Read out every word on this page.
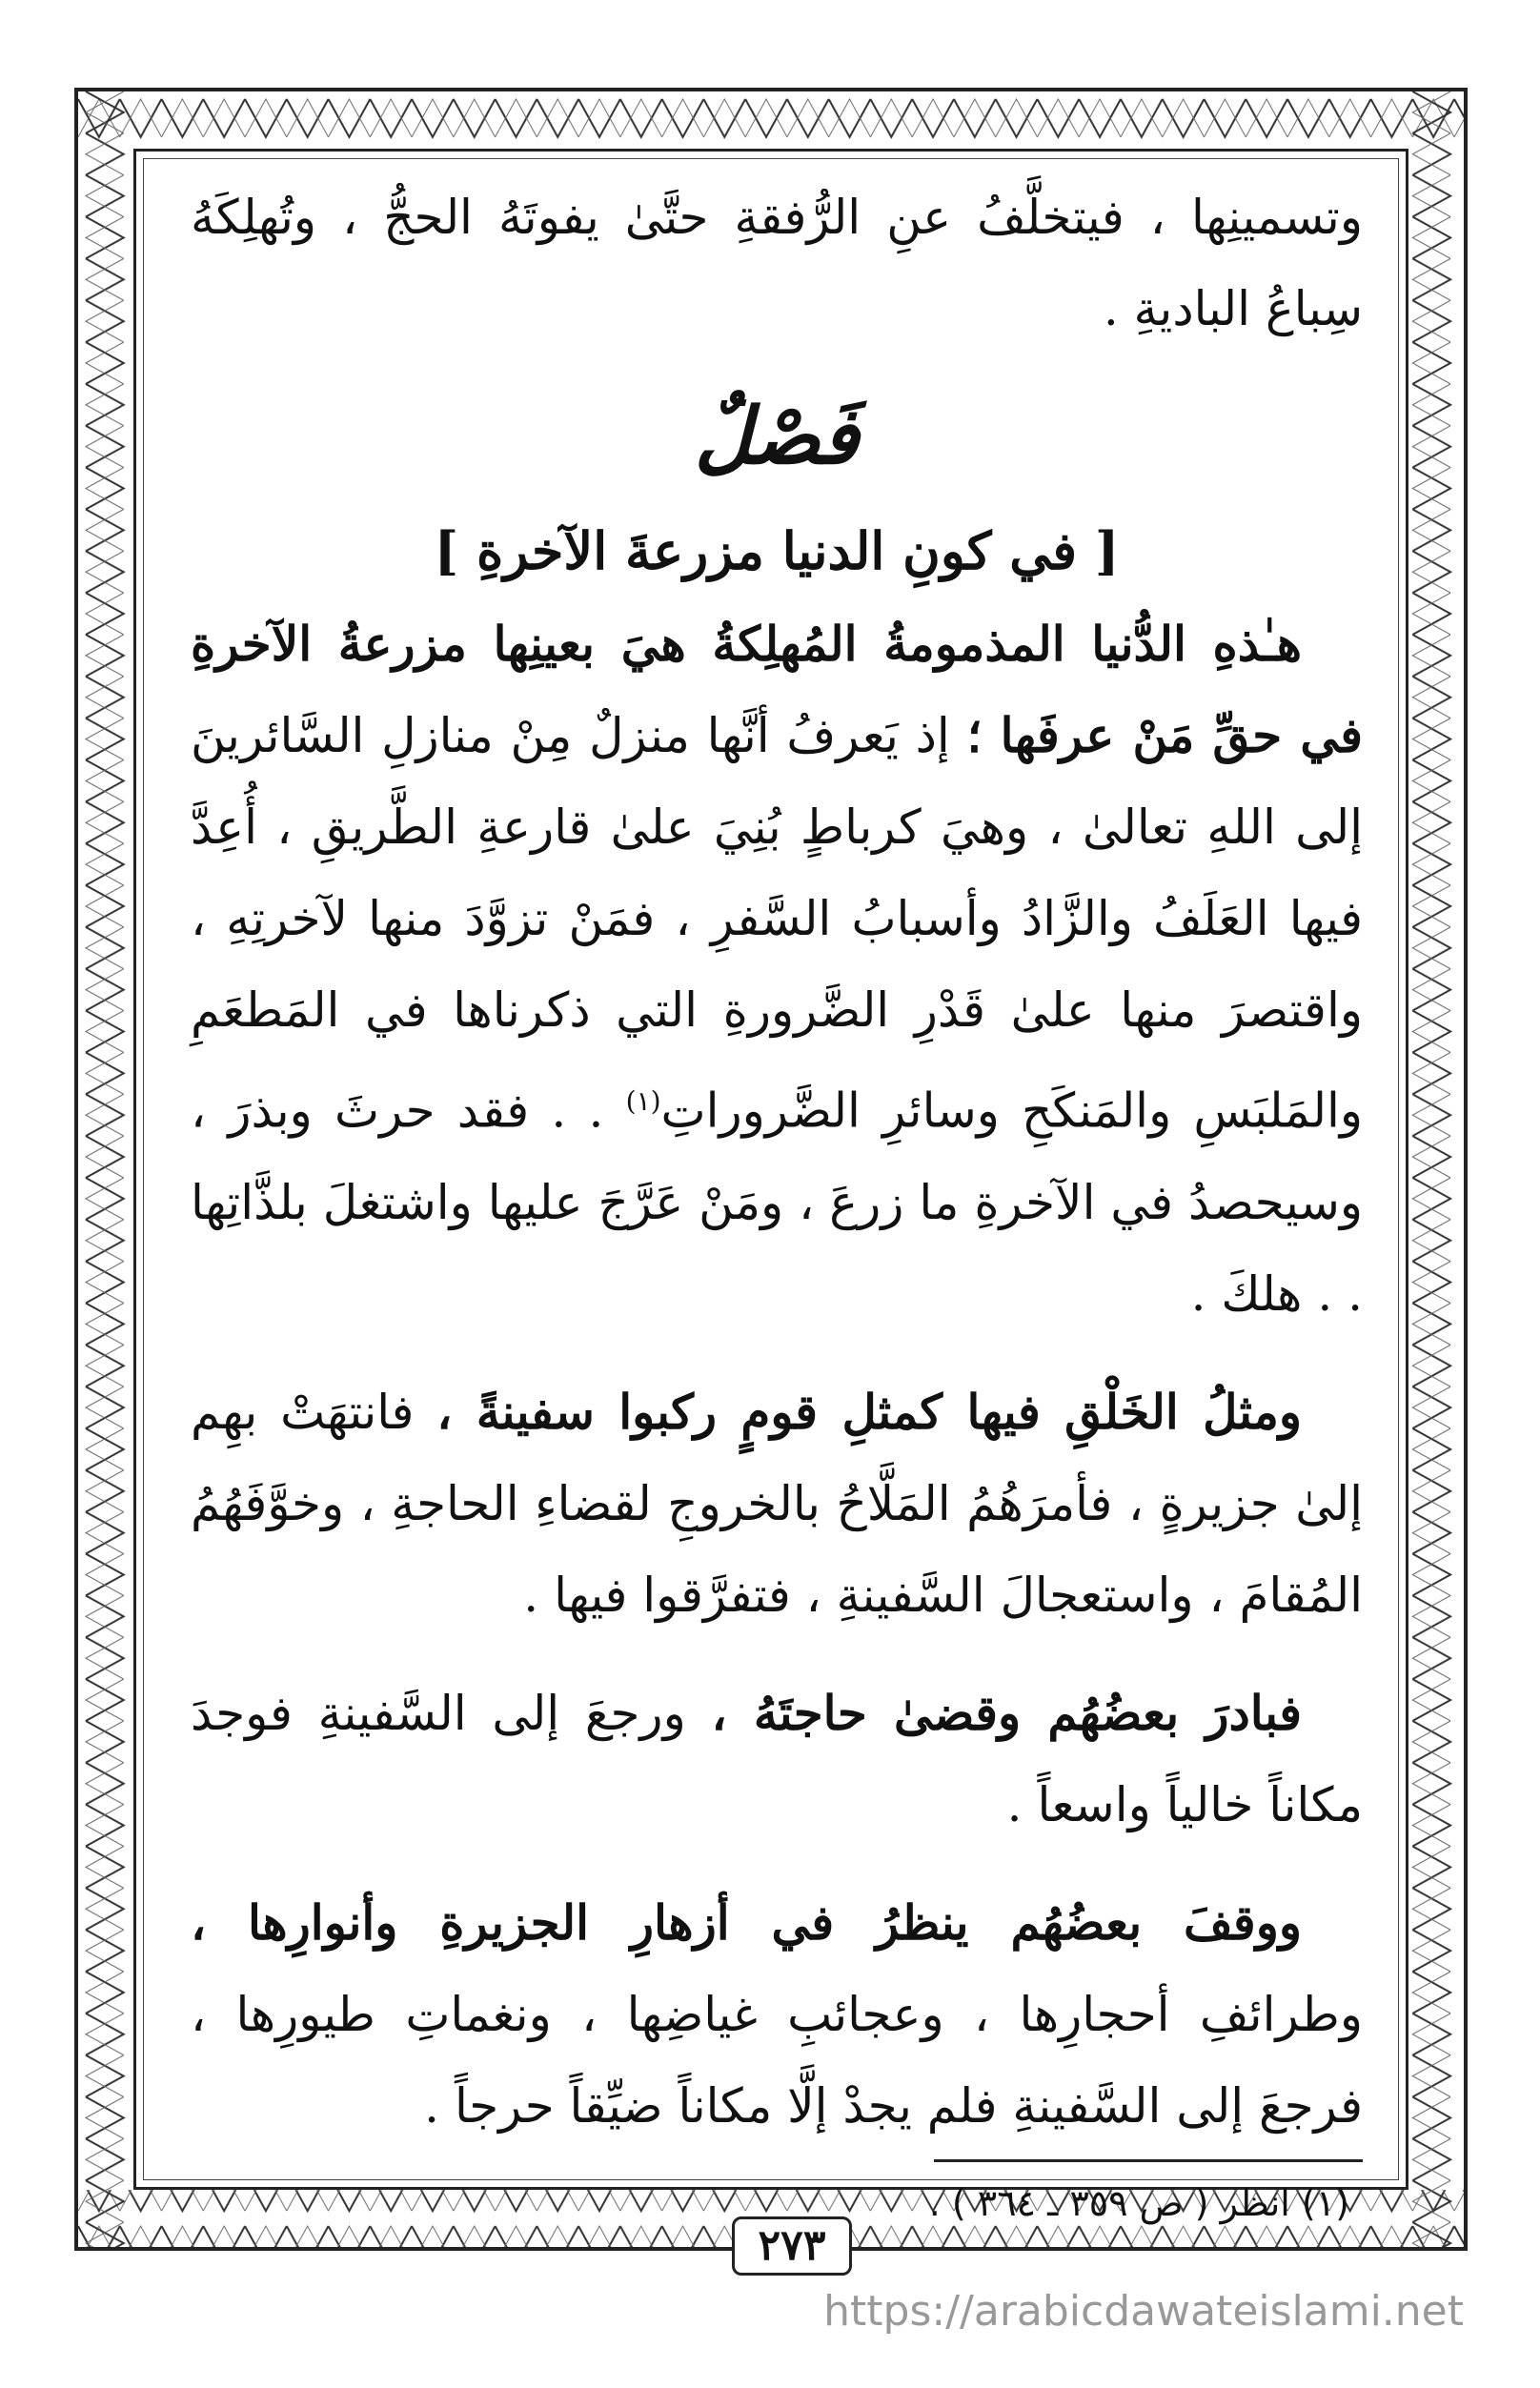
وتسمينِها ، فيتخلَّفُ عنِ الرُّفقةِ حتَّىٰ يفوتَهُ الحجُّ ، وتُهلِكَهُ سِباعُ الباديةِ .

فَصْلٌ
[ في كونِ الدنيا مزرعةَ الآخرةِ ]

هـٰذهِ الدُّنيا المذمومةُ المُهلِكةُ هيَ بعينِها مزرعةُ الآخرةِ في حقِّ مَنْ عرفَها ؛ إذ يَعرفُ أنَّها منزلٌ مِنْ منازلِ السَّائرينَ إلى اللهِ تعالىٰ ، وهيَ كرباطٍ بُنِيَ علىٰ قارعةِ الطَّريقِ ، أُعِدَّ فيها العَلَفُ والزَّادُ وأسبابُ السَّفرِ ، فمَنْ تزوَّدَ منها لآخرتِهِ ، واقتصرَ منها علىٰ قَدْرِ الضَّرورةِ التي ذكرناها في المَطعَمِ والمَلبَسِ والمَنكَحِ وسائرِ الضَّروراتِ$^{(١)}$ . . فقد حرثَ وبذرَ ، وسيحصدُ في الآخرةِ ما زرعَ ، ومَنْ عَرَّجَ عليها واشتغلَ بلذَّاتِها . . هلكَ .

ومثلُ الخَلْقِ فيها كمثلِ قومٍ ركبوا سفينةً ، فانتهَتْ بهِم إلىٰ جزيرةٍ ، فأمرَهُمُ المَلَّاحُ بالخروجِ لقضاءِ الحاجةِ ، وخوَّفَهُمُ المُقامَ ، واستعجالَ السَّفينةِ ، فتفرَّقوا فيها .

فبادرَ بعضُهُم وقضىٰ حاجتَهُ ، ورجعَ إلى السَّفينةِ فوجدَ مكاناً خالياً واسعاً .

ووقفَ بعضُهُم ينظرُ في أزهارِ الجزيرةِ وأنوارِها ، وطرائفِ أحجارِها ، وعجائبِ غياضِها ، ونغماتِ طيورِها ، فرجعَ إلى السَّفينةِ فلم يجدْ إلَّا مكاناً ضيِّقاً حرجاً .

(١) انظر ( ص ٣٥٩ ـ ٣٦٤ ) .
٢٧٣
https://arabicdawateislami.net
